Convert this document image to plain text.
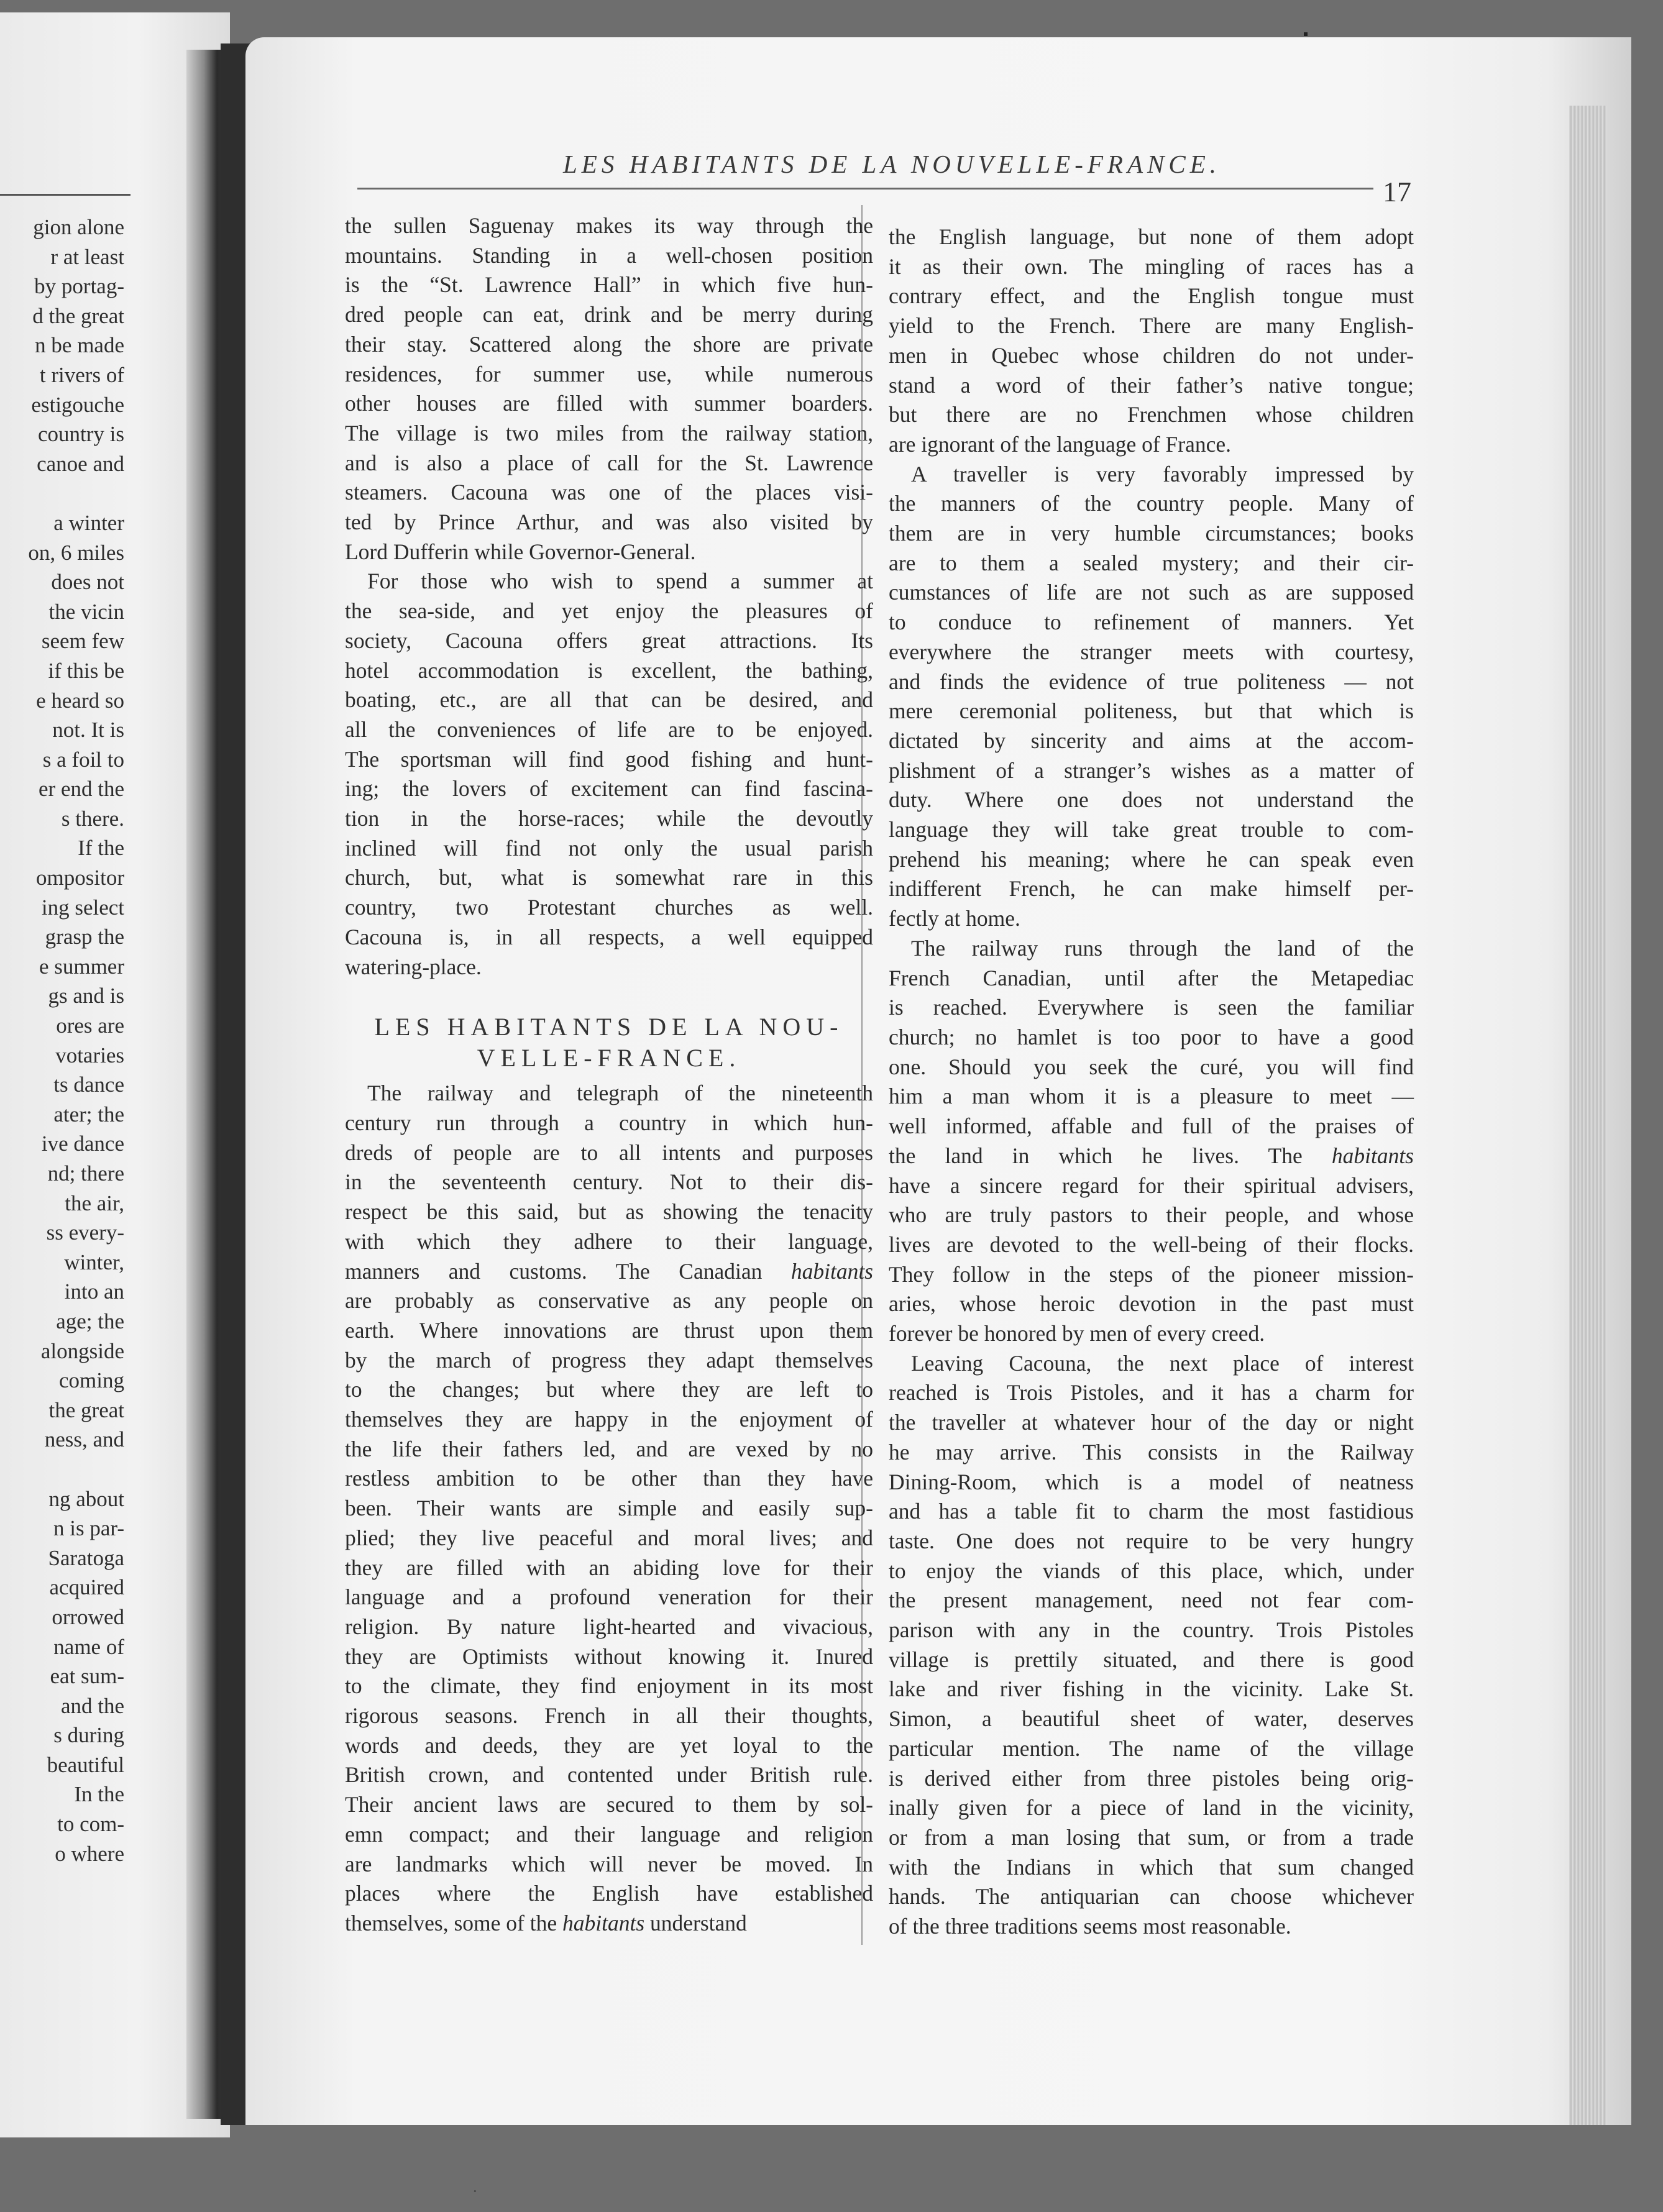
gion alone
r at least
by portag-
d the great
n be made
t rivers of
estigouche
country is
canoe and

a winter
on, 6 miles
does not
the vicin
seem few
if this be
e heard so
not. It is
s a foil to
er end the
s there.
If the
ompositor
ing select
grasp the
e summer
gs and is
ores are
votaries
ts dance
ater; the
ive dance
nd; there
the air,
ss every-
winter,
into an
age; the
alongside
coming
the great
ness, and

ng about
n is par-
Saratoga
acquired
orrowed
name of
eat sum-
and the
s during
beautiful
In the
to com-
o where
LES HABITANTS DE LA NOUVELLE-FRANCE.
17
the sullen Saguenay makes its way through the
mountains. Standing in a well-chosen position
is the “St. Lawrence Hall” in which five hun-
dred people can eat, drink and be merry during
their stay. Scattered along the shore are private
residences, for summer use, while numerous
other houses are filled with summer boarders.
The village is two miles from the railway station,
and is also a place of call for the St. Lawrence
steamers. Cacouna was one of the places visi-
ted by Prince Arthur, and was also visited by
Lord Dufferin while Governor-General.
For those who wish to spend a summer at
the sea-side, and yet enjoy the pleasures of
society, Cacouna offers great attractions. Its
hotel accommodation is excellent, the bathing,
boating, etc., are all that can be desired, and
all the conveniences of life are to be enjoyed.
The sportsman will find good fishing and hunt-
ing; the lovers of excitement can find fascina-
tion in the horse-races; while the devoutly
inclined will find not only the usual parish
church, but, what is somewhat rare in this
country, two Protestant churches as well.
Cacouna is, in all respects, a well equipped
watering-place.
LES HABITANTS DE LA NOU-
VELLE-FRANCE.
The railway and telegraph of the nineteenth
century run through a country in which hun-
dreds of people are to all intents and purposes
in the seventeenth century. Not to their dis-
respect be this said, but as showing the tenacity
with which they adhere to their language,
manners and customs. The Canadian habitants
are probably as conservative as any people on
earth. Where innovations are thrust upon them
by the march of progress they adapt themselves
to the changes; but where they are left to
themselves they are happy in the enjoyment of
the life their fathers led, and are vexed by no
restless ambition to be other than they have
been. Their wants are simple and easily sup-
plied; they live peaceful and moral lives; and
they are filled with an abiding love for their
language and a profound veneration for their
religion. By nature light-hearted and vivacious,
they are Optimists without knowing it. Inured
to the climate, they find enjoyment in its most
rigorous seasons. French in all their thoughts,
words and deeds, they are yet loyal to the
British crown, and contented under British rule.
Their ancient laws are secured to them by sol-
emn compact; and their language and religion
are landmarks which will never be moved. In
places where the English have established
themselves, some of the habitants understand
the English language, but none of them adopt
it as their own. The mingling of races has a
contrary effect, and the English tongue must
yield to the French. There are many English-
men in Quebec whose children do not under-
stand a word of their father’s native tongue;
but there are no Frenchmen whose children
are ignorant of the language of France.
A traveller is very favorably impressed by
the manners of the country people. Many of
them are in very humble circumstances; books
are to them a sealed mystery; and their cir-
cumstances of life are not such as are supposed
to conduce to refinement of manners. Yet
everywhere the stranger meets with courtesy,
and finds the evidence of true politeness — not
mere ceremonial politeness, but that which is
dictated by sincerity and aims at the accom-
plishment of a stranger’s wishes as a matter of
duty. Where one does not understand the
language they will take great trouble to com-
prehend his meaning; where he can speak even
indifferent French, he can make himself per-
fectly at home.
The railway runs through the land of the
French Canadian, until after the Metapediac
is reached. Everywhere is seen the familiar
church; no hamlet is too poor to have a good
one. Should you seek the curé, you will find
him a man whom it is a pleasure to meet —
well informed, affable and full of the praises of
the land in which he lives. The habitants
have a sincere regard for their spiritual advisers,
who are truly pastors to their people, and whose
lives are devoted to the well-being of their flocks.
They follow in the steps of the pioneer mission-
aries, whose heroic devotion in the past must
forever be honored by men of every creed.
Leaving Cacouna, the next place of interest
reached is Trois Pistoles, and it has a charm for
the traveller at whatever hour of the day or night
he may arrive. This consists in the Railway
Dining-Room, which is a model of neatness
and has a table fit to charm the most fastidious
taste. One does not require to be very hungry
to enjoy the viands of this place, which, under
the present management, need not fear com-
parison with any in the country. Trois Pistoles
village is prettily situated, and there is good
lake and river fishing in the vicinity. Lake St.
Simon, a beautiful sheet of water, deserves
particular mention. The name of the village
is derived either from three pistoles being orig-
inally given for a piece of land in the vicinity,
or from a man losing that sum, or from a trade
with the Indians in which that sum changed
hands. The antiquarian can choose whichever
of the three traditions seems most reasonable.
·
